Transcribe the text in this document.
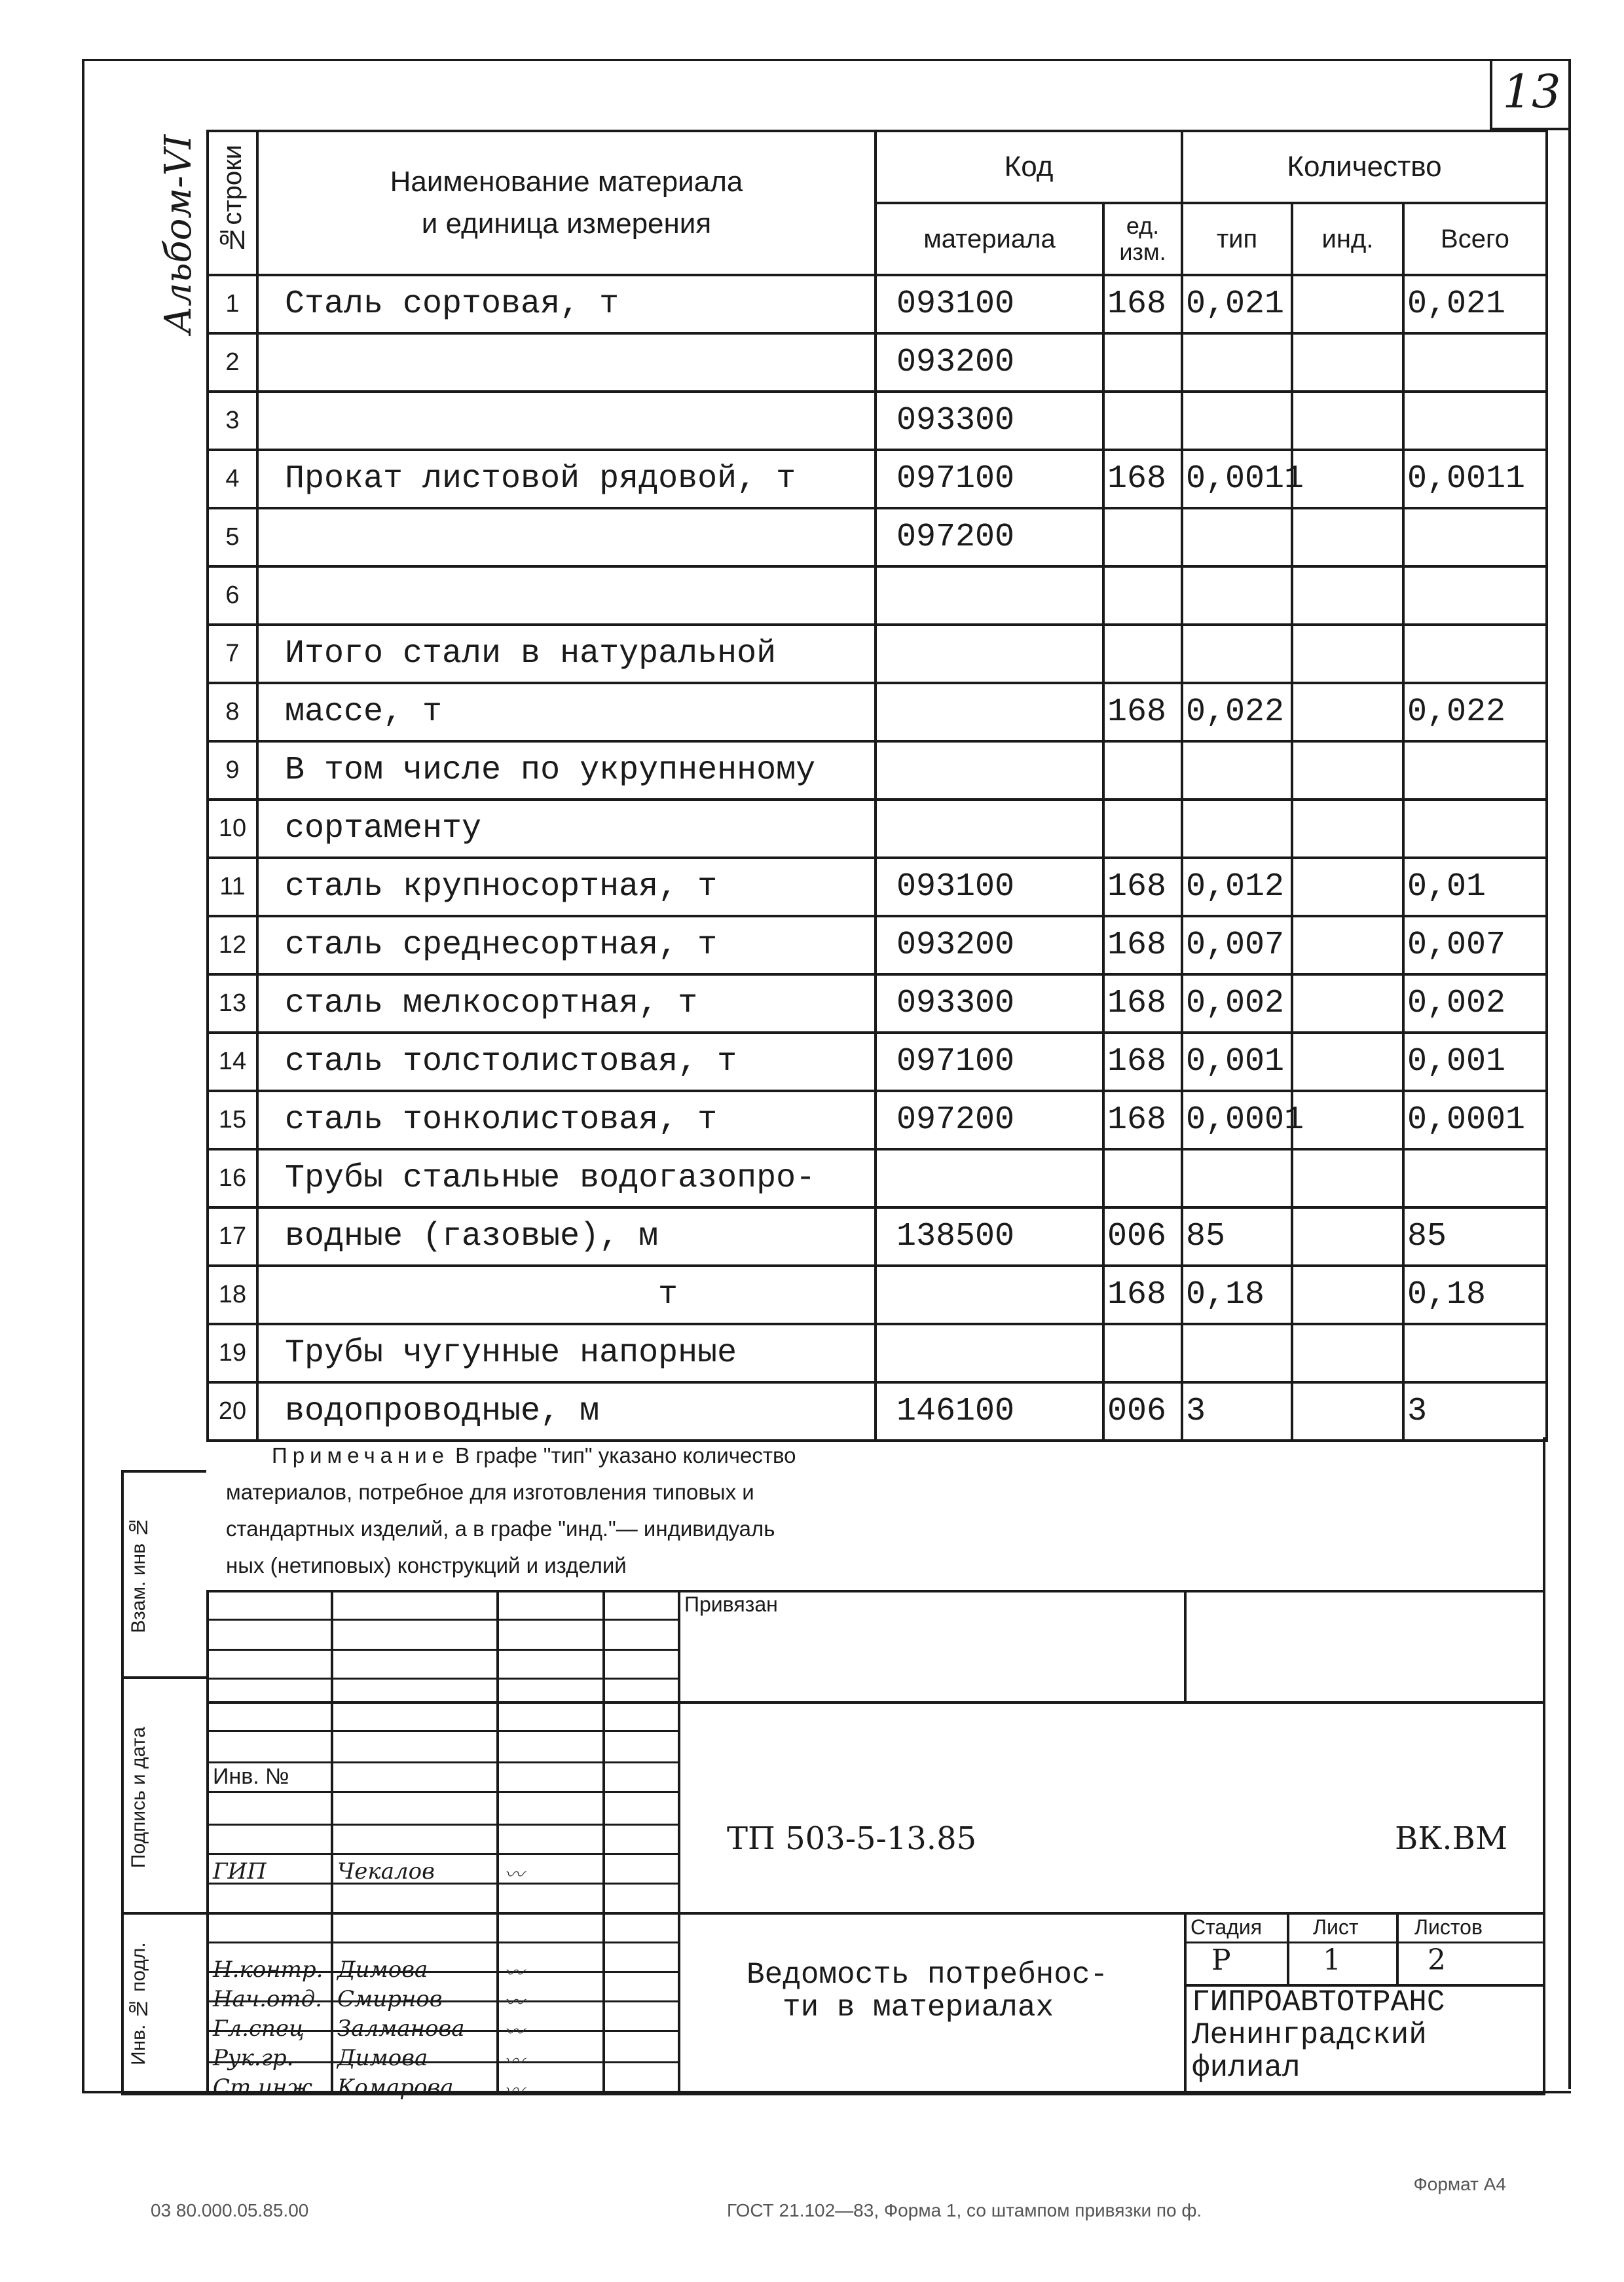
13
Альбом-VI №строки	Наименование материала
и единица измерения	Код		Количество		
		материала	ед. изм.	тип	инд.	Всего
1	Сталь сортовая, т	093100	168	0,021		0,021
2		093200				
3		093300				
4	Прокат листовой рядовой, т	097100	168	0,0011		0,0011
5		097200				
6						
7	Итого стали в натуральной					
8	массе, т		168	0,022		0,022
9	В том числе по укрупненному					
10	сортаменту					
11	сталь крупносортная, т	093100	168	0,012		0,01
12	сталь среднесортная, т	093200	168	0,007		0,007
13	сталь мелкосортная, т	093300	168	0,002		0,002
14	сталь толстолистовая, т	097100	168	0,001		0,001
15	сталь тонколистовая, т	097200	168	0,0001		0,0001
16	Трубы стальные водогазопро-					
17	водные (газовые), м	138500	006	85		85
18	т		168	0,18		0,18
19	Трубы чугунные напорные					
20	водопроводные, м	146100	006	3		3
Примечание В графе "тип" указано количество
материалов, потребное для изготовления типовых и
стандартных изделий, а в графе "инд."— индивидуаль
ных (нетиповых) конструкций и изделий
Взам. инв №
Подпись и дата
Инв. № подл.
Привязан
Инв. №
ТП 503-5-13.85	ВК.ВМ
Ведомость потребнос-
ти в материалах
Стадия Лист	Листов
Р	1	2
ГИПРОАВТОТРАНС
Ленинградский
филиал
ГИП	Чекалов	〰
Н.контр. Димова	〰
Нач.отд. Смирнов	〰
Гл.спец Залманова 〰
Рук.гр. Димова	〰
Ст.инж. Комарова	〰
Формат А4
03 80.000.05.85.00	ГОСТ 21.102—83, Форма 1, со штампом привязки по ф.
